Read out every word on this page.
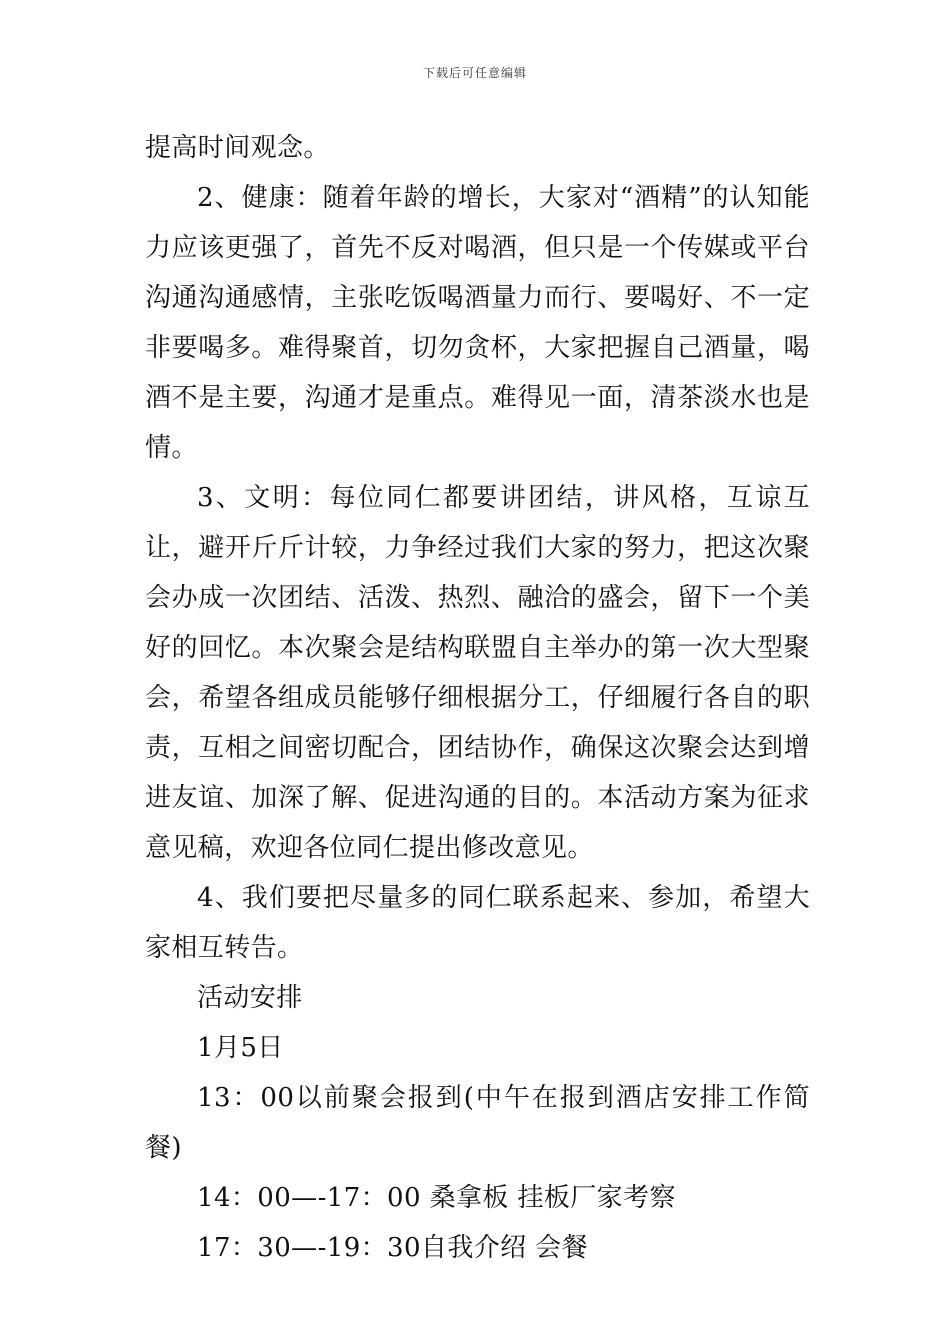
下载后可任意编辑

提高时间观念。

2、健康：随着年龄的增长，大家对“酒精”的认知能力应该更强了，首先不反对喝酒，但只是一个传媒或平台沟通沟通感情，主张吃饭喝酒量力而行、要喝好、不一定非要喝多。难得聚首，切勿贪杯，大家把握自己酒量，喝酒不是主要，沟通才是重点。难得见一面，清茶淡水也是情。

3、文明：每位同仁都要讲团结，讲风格，互谅互让，避开斤斤计较，力争经过我们大家的努力，把这次聚会办成一次团结、活泼、热烈、融洽的盛会，留下一个美好的回忆。本次聚会是结构联盟自主举办的第一次大型聚会，希望各组成员能够仔细根据分工，仔细履行各自的职责，互相之间密切配合，团结协作，确保这次聚会达到增进友谊、加深了解、促进沟通的目的。本活动方案为征求意见稿，欢迎各位同仁提出修改意见。

4、我们要把尽量多的同仁联系起来、参加，希望大家相互转告。

活动安排

1月5日

13：00以前聚会报到(中午在报到酒店安排工作简餐)

14：00—-17：00 桑拿板 挂板厂家考察

17：30—-19：30自我介绍 会餐
